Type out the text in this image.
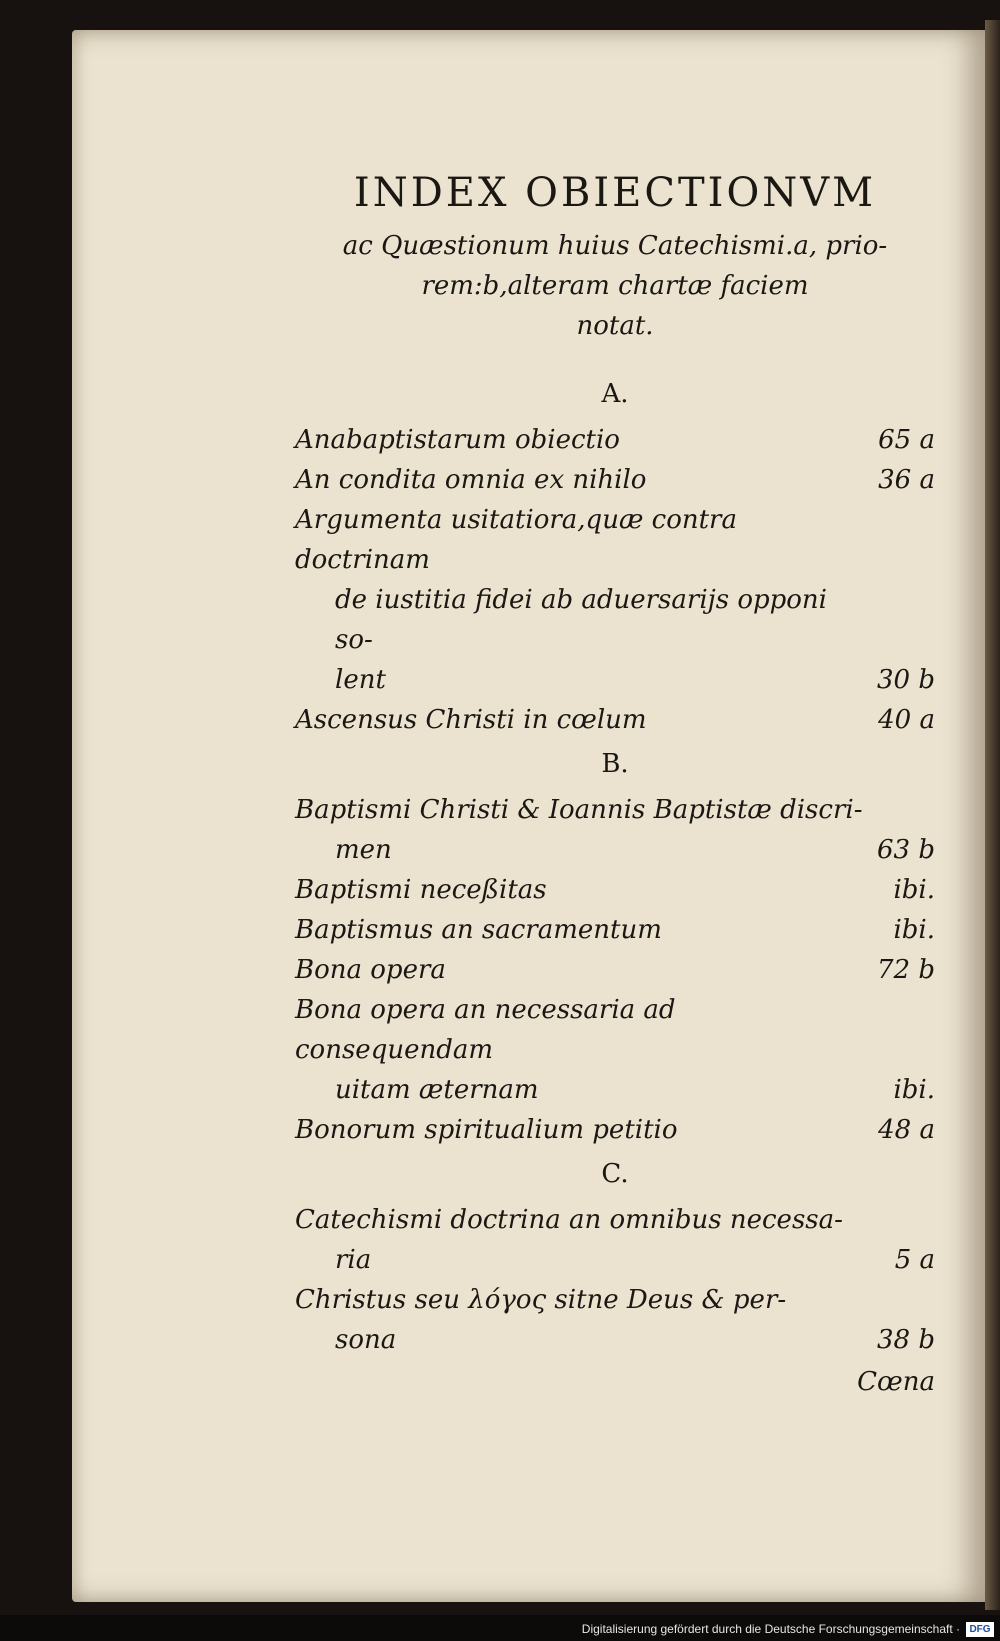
INDEX OBIECTIONVM
ac Quæstionum huius Catechismi.a, prio-
rem:b,alteram chartæ faciem
notat.
A.
Anabaptistarum obiectio	65 a
An condita omnia ex nihilo	36 a
Argumenta usitatiora,quæ contra doctrinam
de iustitia fidei ab aduersarijs opponi so-
lent	30 b
Ascensus Christi in cœlum	40 a
B.
Baptismi Christi & Ioannis Baptistæ discri-
men	63 b
Baptismi neceßitas	ibi.
Baptismus an sacramentum	ibi.
Bona opera	72 b
Bona opera an necessaria ad consequendam
uitam æternam	ibi.
Bonorum spiritualium petitio	48 a
C.
Catechismi doctrina an omnibus necessa-
ria	5 a
Christus seu λόγος sitne Deus & per-
sona	38 b
Cœna
Digitalisierung gefördert durch die Deutsche Forschungsgemeinschaft · DFG
